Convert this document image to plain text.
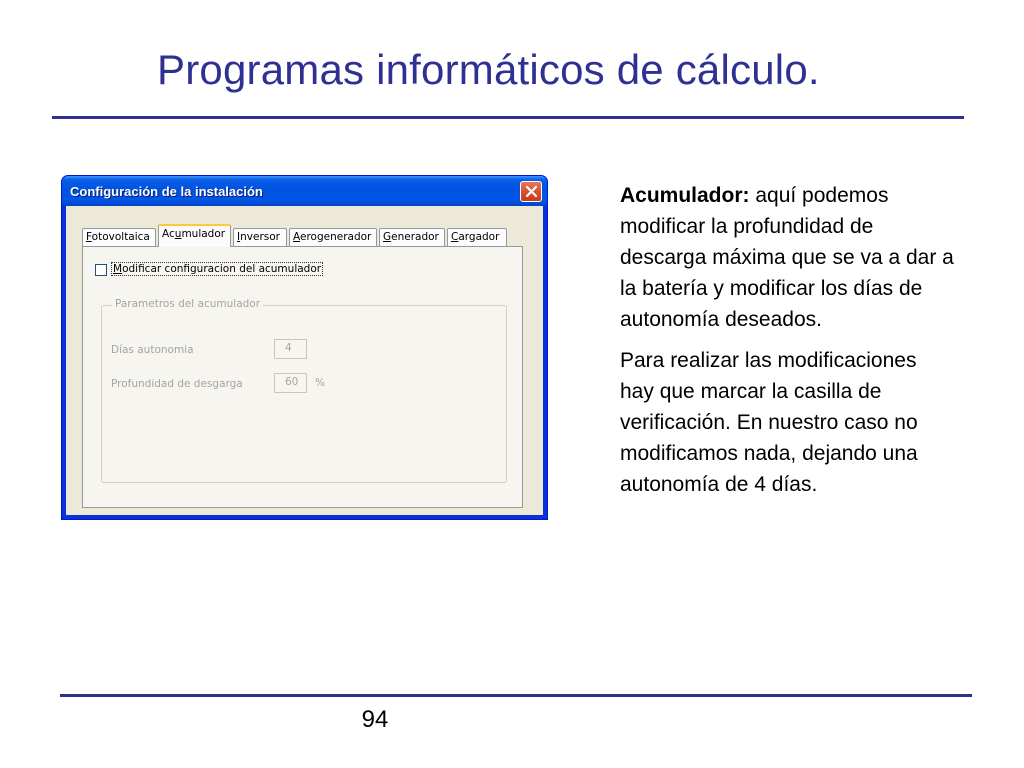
Programas informáticos de cálculo.
Configuración de la instalación
Fotovoltaica	Acumulador	Inversor	Aerogenerador	Generador	Cargador
Modificar configuracion del acumulador
Parametros del acumulador
Días autonomia	4
Profundidad de desgarga	60	%

Acumulador: aquí podemos modificar la profundidad de descarga máxima que se va a dar a la batería y modificar los días de autonomía deseados.

Para realizar las modificaciones hay que marcar la casilla de verificación. En nuestro caso no modificamos nada, dejando una autonomía de 4 días.

94
